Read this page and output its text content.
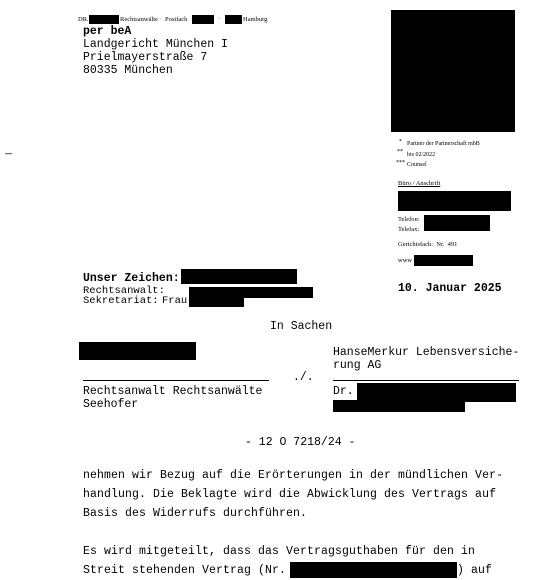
–
DR.	Rechtsanwälte · Postfach	·	Hamburg
per beA
Landgericht München I
Prielmayerstraße 7
80335 München
* Partner der Partnerschaft mbB
** bis 02/2022
*** Counsel
Büro / Anschrift
Telefon:
Telefax:
Gerichtsfach:  Nr.  491
www
Unser Zeichen:
Rechtsanwalt:
Sekretariat: Frau
10. Januar 2025
In Sachen
HanseMerkur Lebensversiche-
rung AG
./.
Rechtsanwalt Rechtsanwälte
Seehofer
Dr.
- 12 O 7218/24 -
nehmen wir Bezug auf die Erörterungen in der mündlichen Ver-
handlung. Die Beklagte wird die Abwicklung des Vertrags auf
Basis des Widerrufs durchführen.
Es wird mitgeteilt, dass das Vertragsguthaben für den in
Streit stehenden Vertrag (Nr.	) auf
